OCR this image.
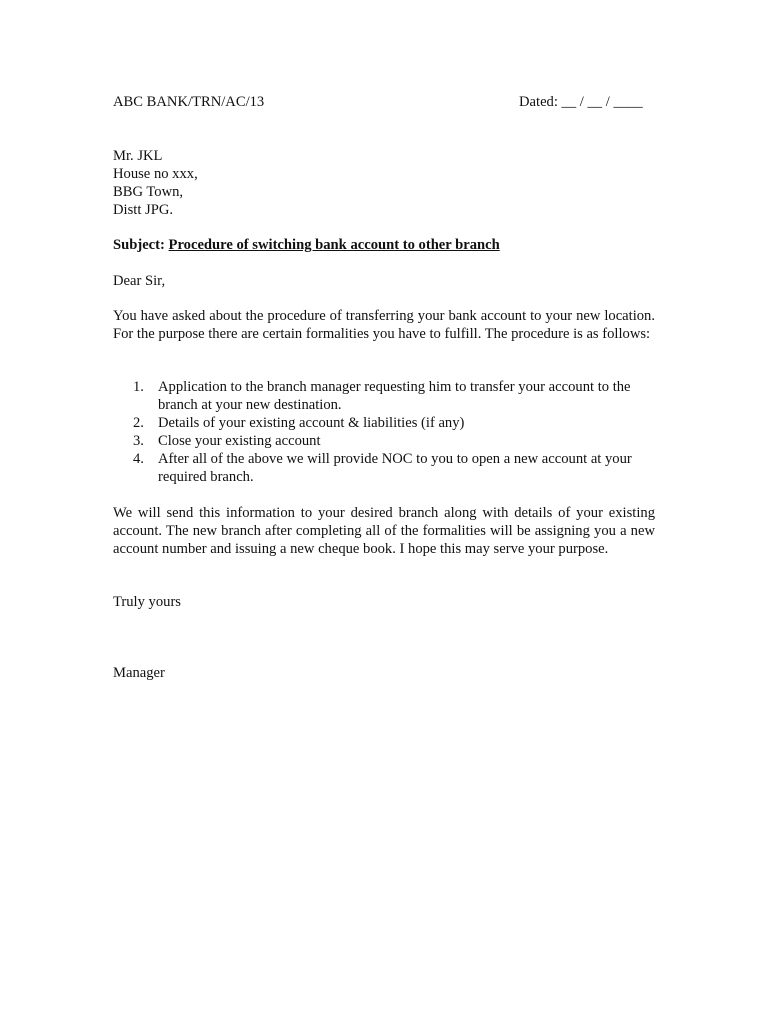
ABC BANK/TRN/AC/13	Dated: __ / __ / ____
Mr. JKL
House no xxx,
BBG Town,
Distt JPG.
Subject: Procedure of switching bank account to other branch
Dear Sir,
You have asked about the procedure of transferring your bank account to your new location. For the purpose there are certain formalities you have to fulfill. The procedure is as follows:
1. Application to the branch manager requesting him to transfer your account to the branch at your new destination.
2. Details of your existing account & liabilities (if any)
3. Close your existing account
4. After all of the above we will provide NOC to you to open a new account at your required branch.
We will send this information to your desired branch along with details of your existing account. The new branch after completing all of the formalities will be assigning you a new account number and issuing a new cheque book. I hope this may serve your purpose.
Truly yours
Manager
